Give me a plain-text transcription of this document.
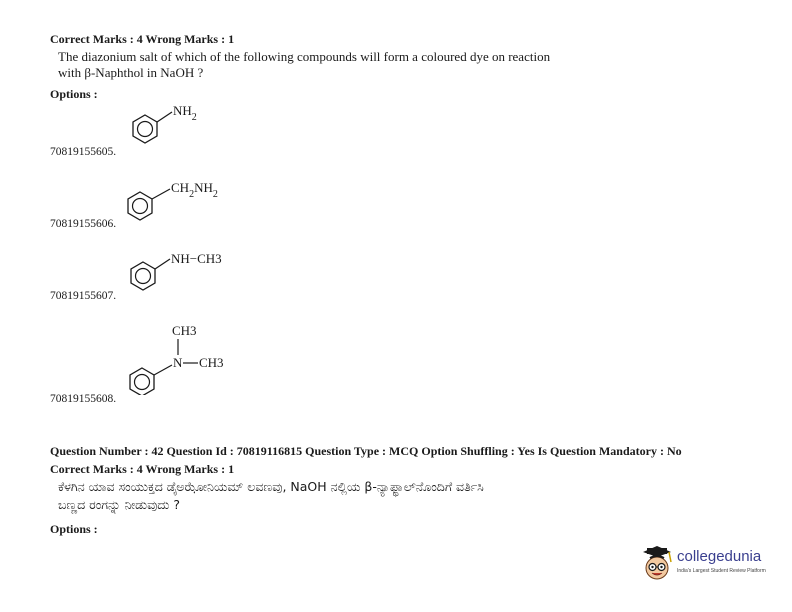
Correct Marks : 4 Wrong Marks : 1
The diazonium salt of which of the following compounds will form a coloured dye on reaction
with β-Naphthol in NaOH ?
Options :
$NH_2$
70819155605.
$CH_2NH_2$
70819155606.
NH−CH3
70819155607.
CH3
N CH3
70819155608.
Question Number : 42 Question Id : 70819116815 Question Type : MCQ Option Shuffling : Yes Is Question Mandatory : No
Correct Marks : 4 Wrong Marks : 1
ಕೆಳಗಿನ ಯಾವ ಸಂಯುಕ್ತದ ಡೈಅಝೋನಿಯಮ್ ಲವಣವು, NaOH ನಲ್ಲಿಯ β-ನ್ಯಾಫ್ಥಾಲ್‌ನೊಂದಿಗೆ ವರ್ತಿಸಿ
ಬಣ್ಣದ ರಂಗನ್ನು ನೀಡುವುದು ?
Options :
collegedunia
India's Largest Student Review Platform
